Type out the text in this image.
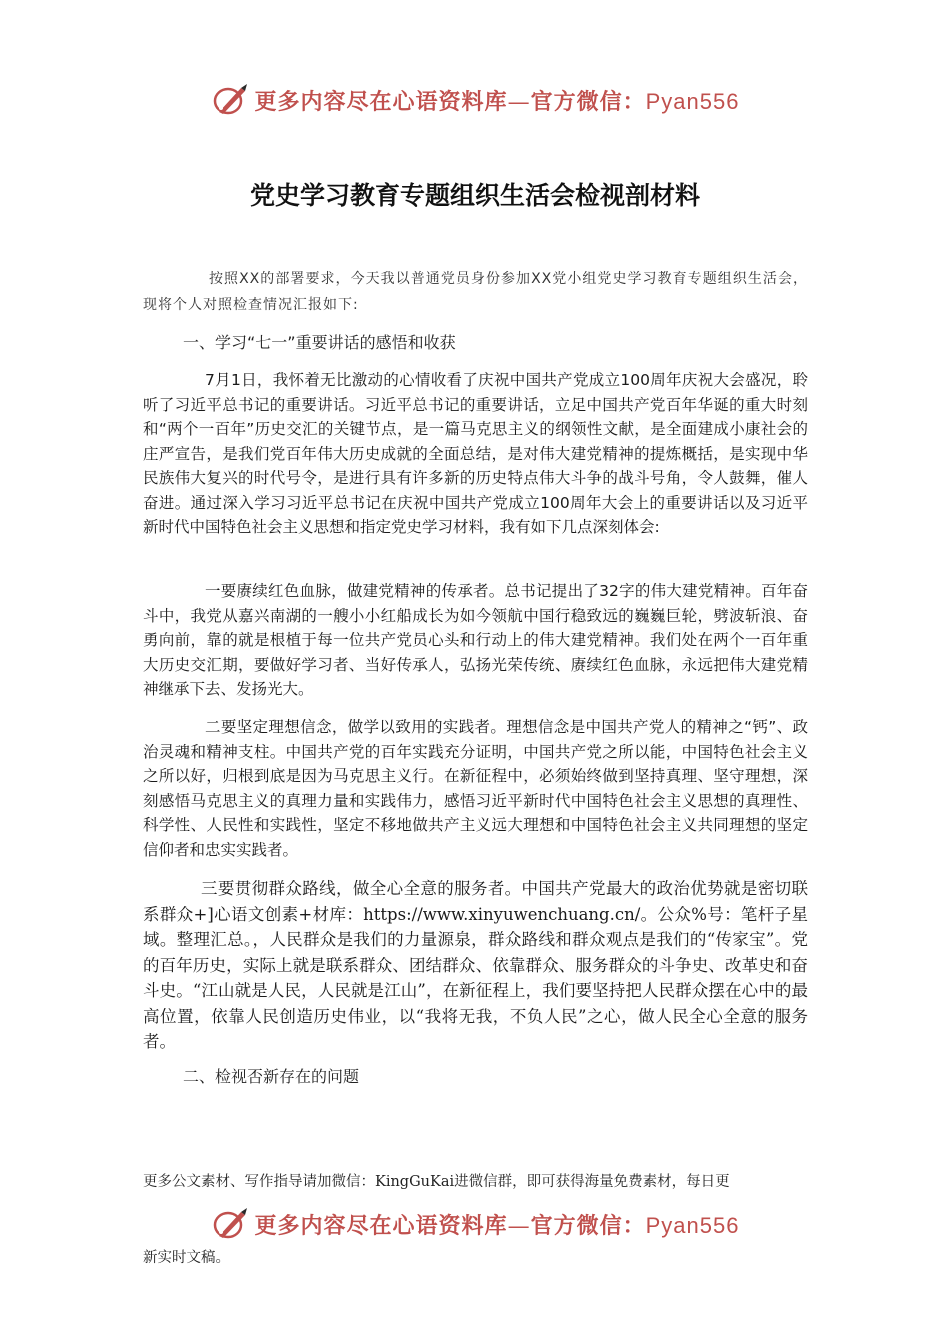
更多内容尽在心语资料库—官方微信：Pyan556
党史学习教育专题组织生活会检视剖材料

按照XX的部署要求，今天我以普通党员身份参加XX党小组党史学习教育专题组织生活会，现将个人对照检查情况汇报如下:

一、学习“七一”重要讲话的感悟和收获

7月1日，我怀着无比激动的心情收看了庆祝中国共产党成立100周年庆祝大会盛况，聆听了习近平总书记的重要讲话。习近平总书记的重要讲话，立足中国共产党百年华诞的重大时刻和“两个一百年”历史交汇的关键节点，是一篇马克思主义的纲领性文献，是全面建成小康社会的庄严宣告，是我们党百年伟大历史成就的全面总结，是对伟大建党精神的提炼概括，是实现中华民族伟大复兴的时代号令，是进行具有许多新的历史特点伟大斗争的战斗号角，令人鼓舞，催人奋进。通过深入学习习近平总书记在庆祝中国共产党成立100周年大会上的重要讲话以及习近平新时代中国特色社会主义思想和指定党史学习材料，我有如下几点深刻体会:

一要赓续红色血脉，做建党精神的传承者。总书记提出了32字的伟大建党精神。百年奋斗中，我党从嘉兴南湖的一艘小小红船成长为如今领航中国行稳致远的巍巍巨轮，劈波斩浪、奋勇向前，靠的就是根植于每一位共产党员心头和行动上的伟大建党精神。我们处在两个一百年重大历史交汇期，要做好学习者、当好传承人，弘扬光荣传统、赓续红色血脉，永远把伟大建党精神继承下去、发扬光大。

二要坚定理想信念，做学以致用的实践者。理想信念是中国共产党人的精神之“钙”、政治灵魂和精神支柱。中国共产党的百年实践充分证明，中国共产党之所以能，中国特色社会主义之所以好，归根到底是因为马克思主义行。在新征程中，必须始终做到坚持真理、坚守理想，深刻感悟马克思主义的真理力量和实践伟力，感悟习近平新时代中国特色社会主义思想的真理性、科学性、人民性和实践性，坚定不移地做共产主义远大理想和中国特色社会主义共同理想的坚定信仰者和忠实实践者。

三要贯彻群众路线，做全心全意的服务者。中国共产党最大的政治优势就是密切联系群众+]心语文创素+材库：https://www.xinyuwenchuang.cn/。公众%号：笔杆子星域。整理汇总。，人民群众是我们的力量源泉，群众路线和群众观点是我们的“传家宝”。党的百年历史，实际上就是联系群众、团结群众、依靠群众、服务群众的斗争史、改革史和奋斗史。“江山就是人民，人民就是江山”，在新征程上，我们要坚持把人民群众摆在心中的最高位置，依靠人民创造历史伟业，以“我将无我，不负人民”之心，做人民全心全意的服务者。

二、检视否新存在的问题
更多公文素材、写作指导请加微信：KingGuKai进微信群，即可获得海量免费素材，每日更
更多内容尽在心语资料库—官方微信：Pyan556
新实时文稿。
